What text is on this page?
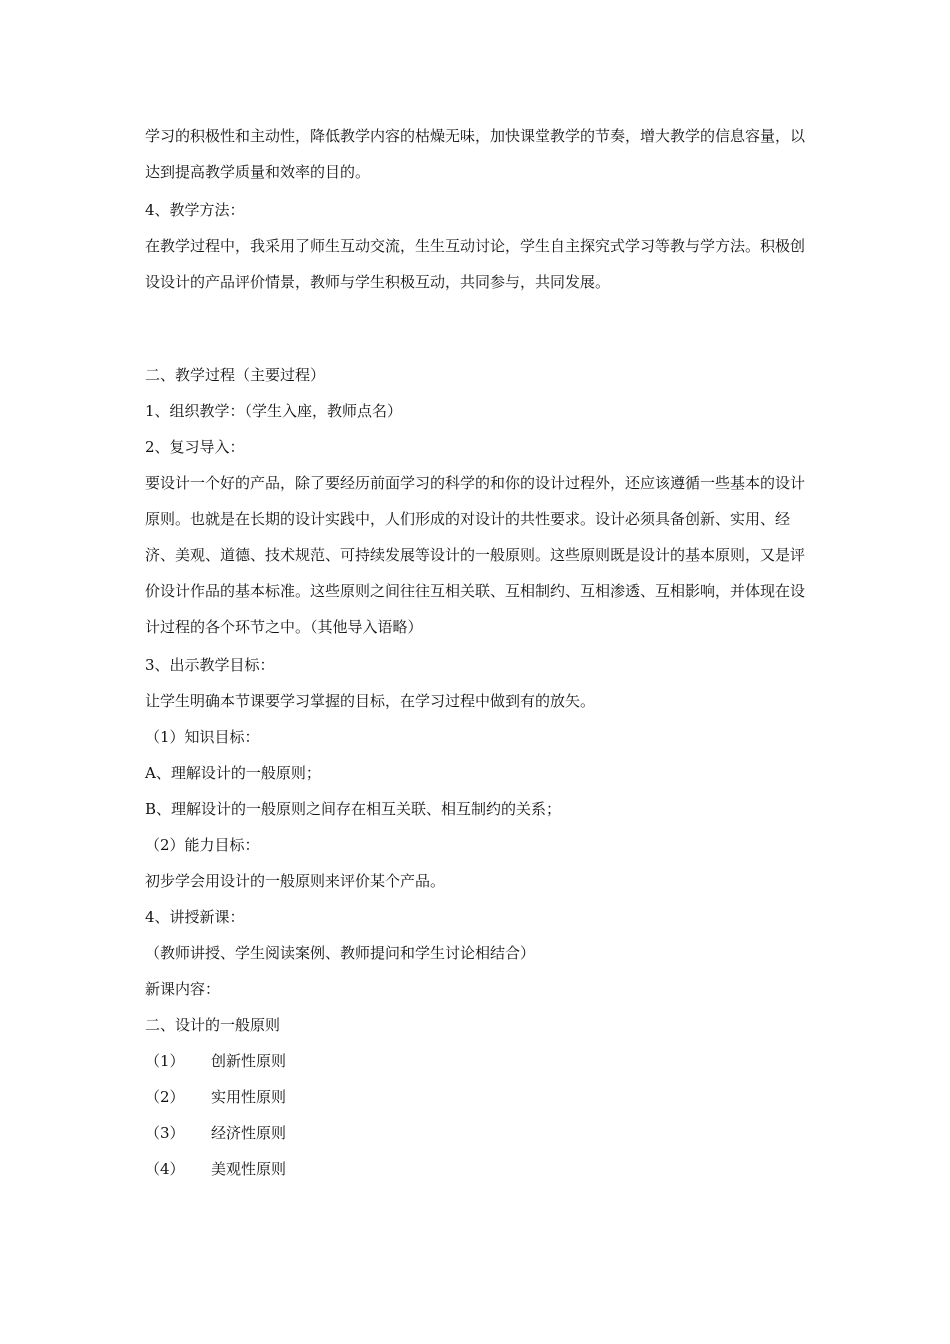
学习的积极性和主动性，降低教学内容的枯燥无味，加快课堂教学的节奏，增大教学的信息容量，以达到提高教学质量和效率的目的。
4、教学方法：
在教学过程中，我采用了师生互动交流，生生互动讨论，学生自主探究式学习等教与学方法。积极创设设计的产品评价情景，教师与学生积极互动，共同参与，共同发展。
二、教学过程（主要过程）
1、组织教学：（学生入座，教师点名）
2、复习导入：
要设计一个好的产品，除了要经历前面学习的科学的和你的设计过程外，还应该遵循一些基本的设计原则。也就是在长期的设计实践中，人们形成的对设计的共性要求。设计必须具备创新、实用、经济、美观、道德、技术规范、可持续发展等设计的一般原则。这些原则既是设计的基本原则，又是评价设计作品的基本标准。这些原则之间往往互相关联、互相制约、互相渗透、互相影响，并体现在设计过程的各个环节之中。（其他导入语略）
3、出示教学目标：
让学生明确本节课要学习掌握的目标，在学习过程中做到有的放矢。
（1）知识目标：
A、理解设计的一般原则；
B、理解设计的一般原则之间存在相互关联、相互制约的关系；
（2）能力目标：
初步学会用设计的一般原则来评价某个产品。
4、讲授新课：
（教师讲授、学生阅读案例、教师提问和学生讨论相结合）
新课内容：
二、设计的一般原则
（1）	创新性原则
（2）	实用性原则
（3）	经济性原则
（4）	美观性原则
